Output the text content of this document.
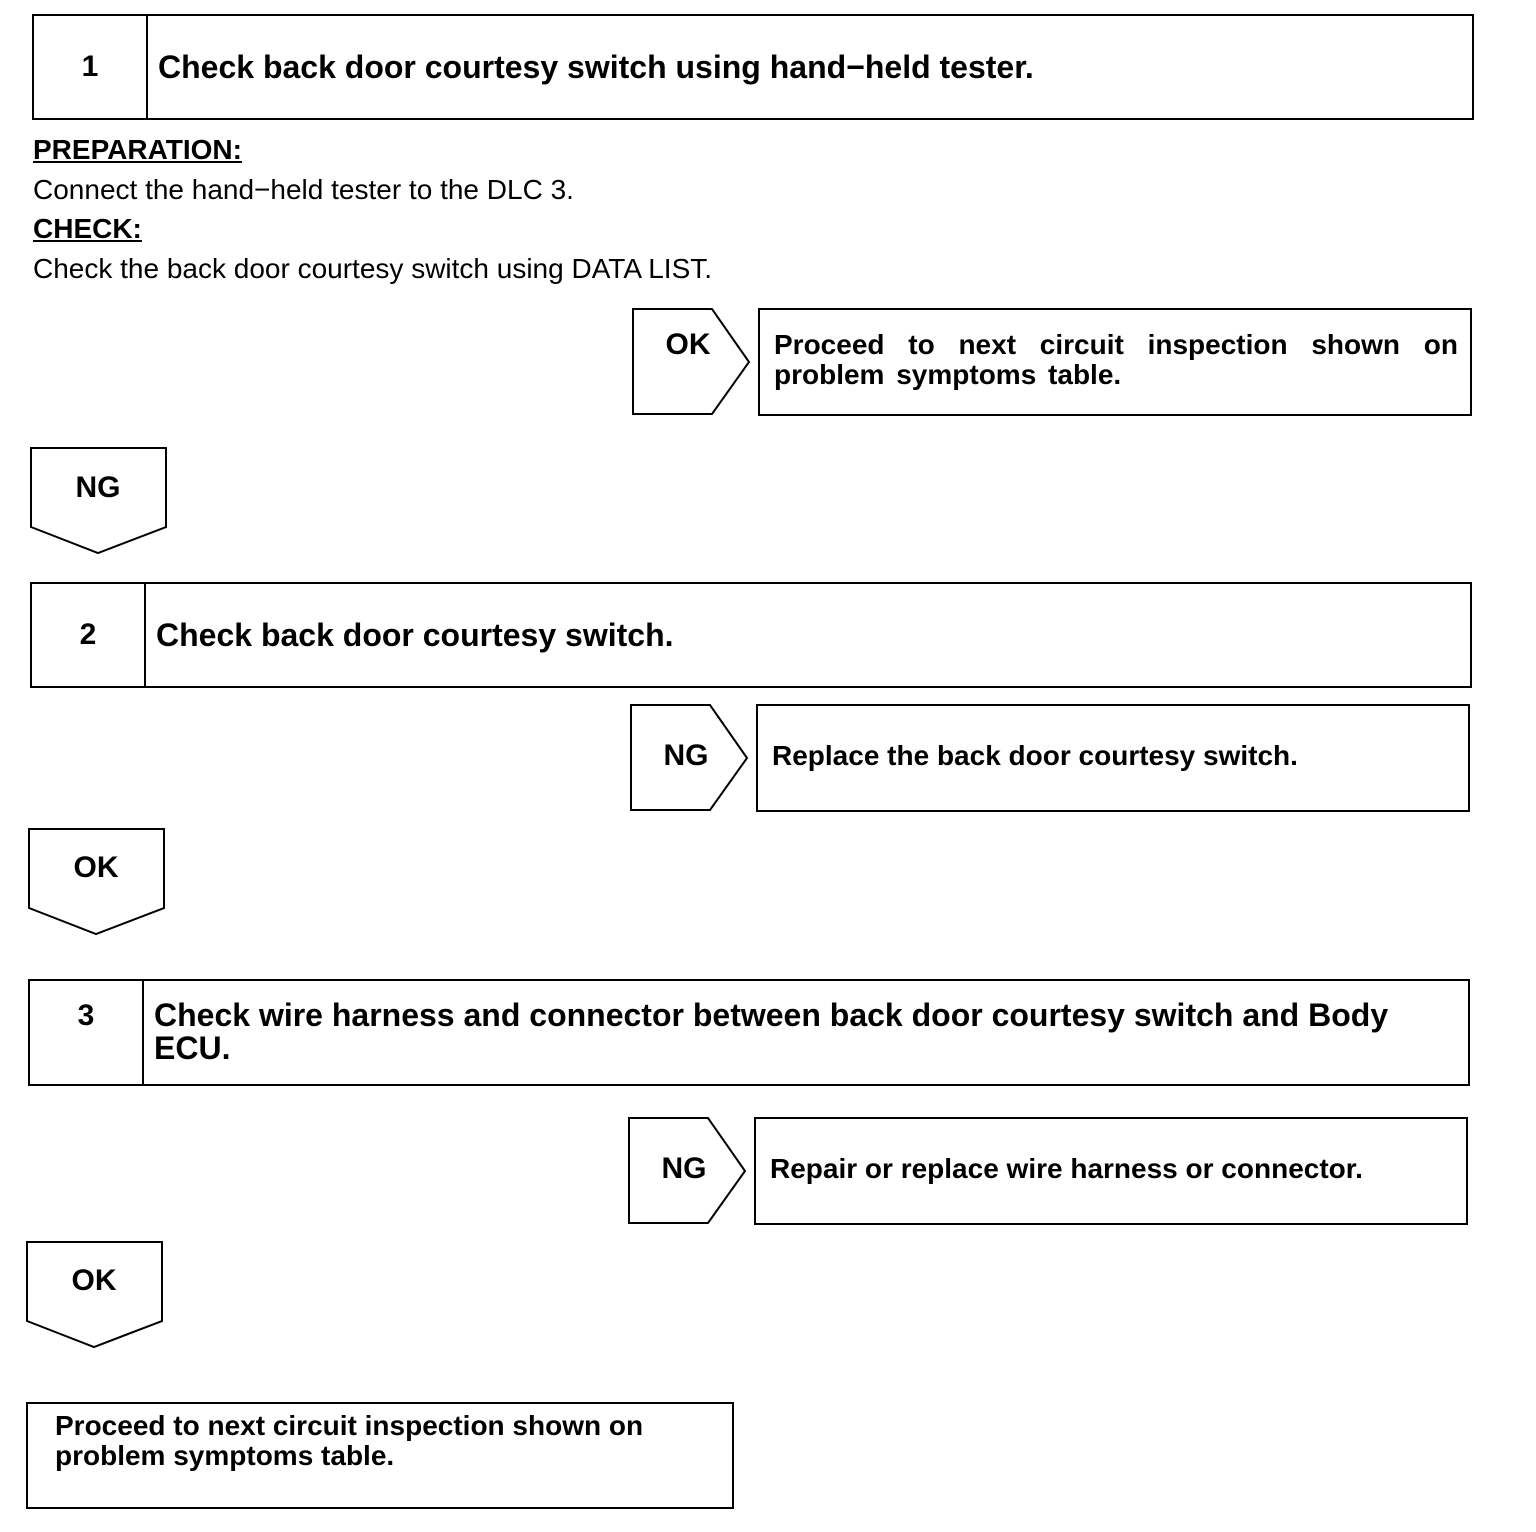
1	Check back door courtesy switch using hand−held tester.
PREPARATION:
Connect the hand−held tester to the DLC 3.
CHECK:
Check the back door courtesy switch using DATA LIST.
OK	Proceed to next circuit inspection shown on problem symptoms table.
NG
2	Check back door courtesy switch.
NG	Replace the back door courtesy switch.
OK
3	Check wire harness and connector between back door courtesy switch and Body ECU.
NG	Repair or replace wire harness or connector.
OK
Proceed to next circuit inspection shown on problem symptoms table.
